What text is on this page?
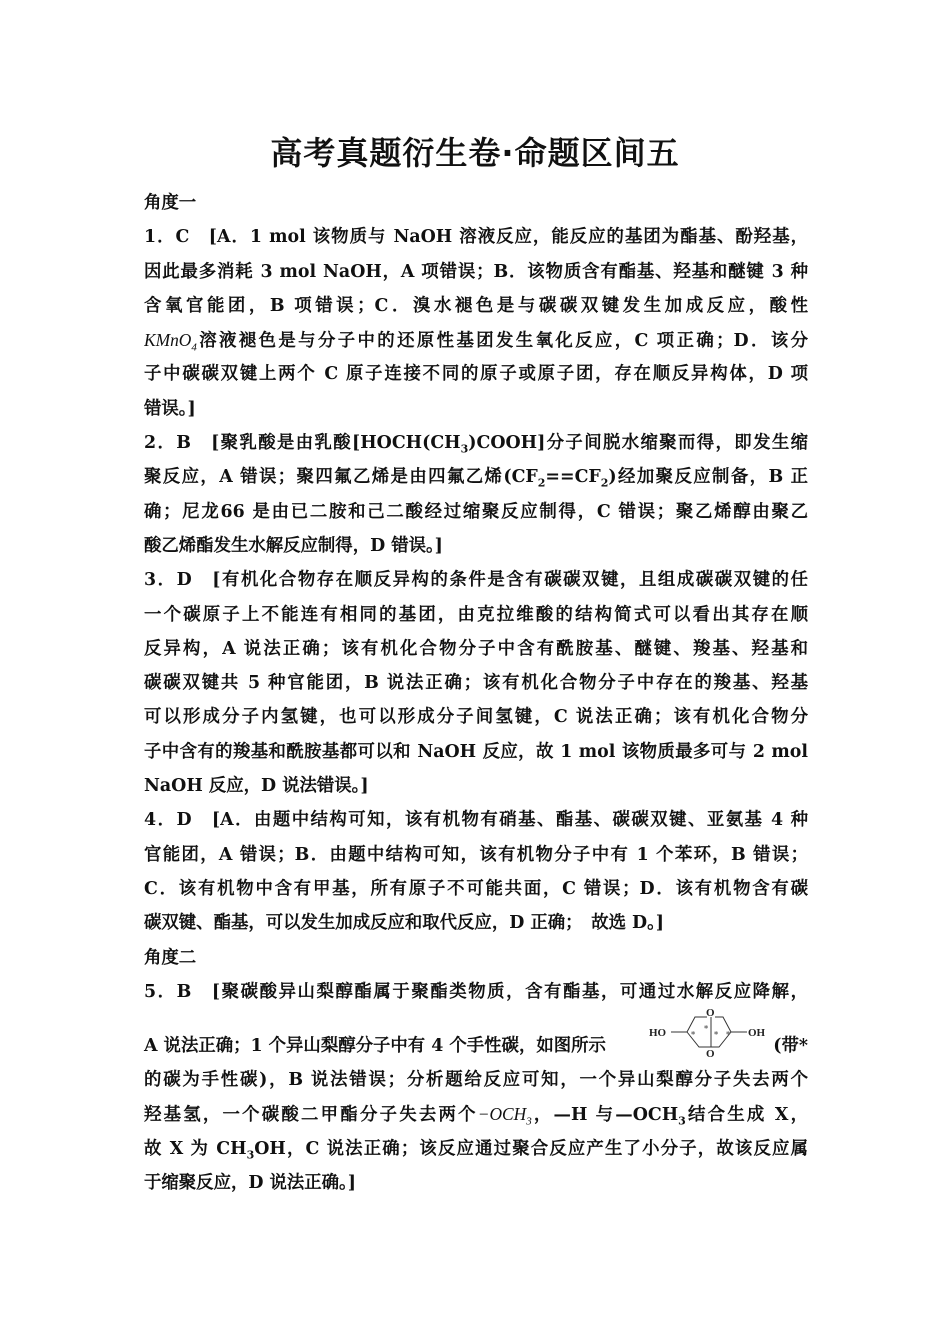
高考真题衍生卷·命题区间五
角度一
1．C　[A．1 mol 该物质与 NaOH 溶液反应，能反应的基团为酯基、酚羟基，
因此最多消耗 3 mol NaOH，A 项错误；B．该物质含有酯基、羟基和醚键 3 种
含氧官能团，B 项错误；C．溴水褪色是与碳碳双键发生加成反应，酸性
KMnO$_4$溶液褪色是与分子中的还原性基团发生氧化反应，C 项正确；D．该分
子中碳碳双键上两个 C 原子连接不同的原子或原子团，存在顺反异构体，D 项
错误。]
2．B　[聚乳酸是由乳酸$[HOCH(CH_3)COOH]$分子间脱水缩聚而得，即发生缩
聚反应，A 错误；聚四氟乙烯是由四氟乙烯$(CF_2==CF_2)$经加聚反应制备，B 正
确；尼龙66 是由已二胺和己二酸经过缩聚反应制得，C 错误；聚乙烯醇由聚乙
酸乙烯酯发生水解反应制得，D 错误。]
3．D　[有机化合物存在顺反异构的条件是含有碳碳双键，且组成碳碳双键的任
一个碳原子上不能连有相同的基团，由克拉维酸的结构简式可以看出其存在顺
反异构，A 说法正确；该有机化合物分子中含有酰胺基、醚键、羧基、羟基和
碳碳双键共 5 种官能团，B 说法正确；该有机化合物分子中存在的羧基、羟基
可以形成分子内氢键，也可以形成分子间氢键，C 说法正确；该有机化合物分
子中含有的羧基和酰胺基都可以和 NaOH 反应，故 1 mol 该物质最多可与 2 mol
NaOH 反应，D 说法错误。]
4．D　[A．由题中结构可知，该有机物有硝基、酯基、碳碳双键、亚氨基 4 种
官能团，A 错误；B．由题中结构可知，该有机物分子中有 1 个苯环，B 错误；
C．该有机物中含有甲基，所有原子不可能共面，C 错误；D．该有机物含有碳
碳双键、酯基，可以发生加成反应和取代反应，D 正确；　故选 D。]
角度二
5．B　[聚碳酸异山梨醇酯属于聚酯类物质，含有酯基，可通过水解反应降解，
A 说法正确；1 个异山梨醇分子中有 4 个手性碳，如图所示
HO	OH
O
O
*
*
* *
(带*
的碳为手性碳)，B 说法错误；分析题给反应可知，一个异山梨醇分子失去两个
羟基氢，一个碳酸二甲酯分子失去两个$-OCH_3$，—H 与$—OCH_3$结合生成 X，
故 X 为 $CH_3OH$，C 说法正确；该反应通过聚合反应产生了小分子，故该反应属
于缩聚反应，D 说法正确。]
